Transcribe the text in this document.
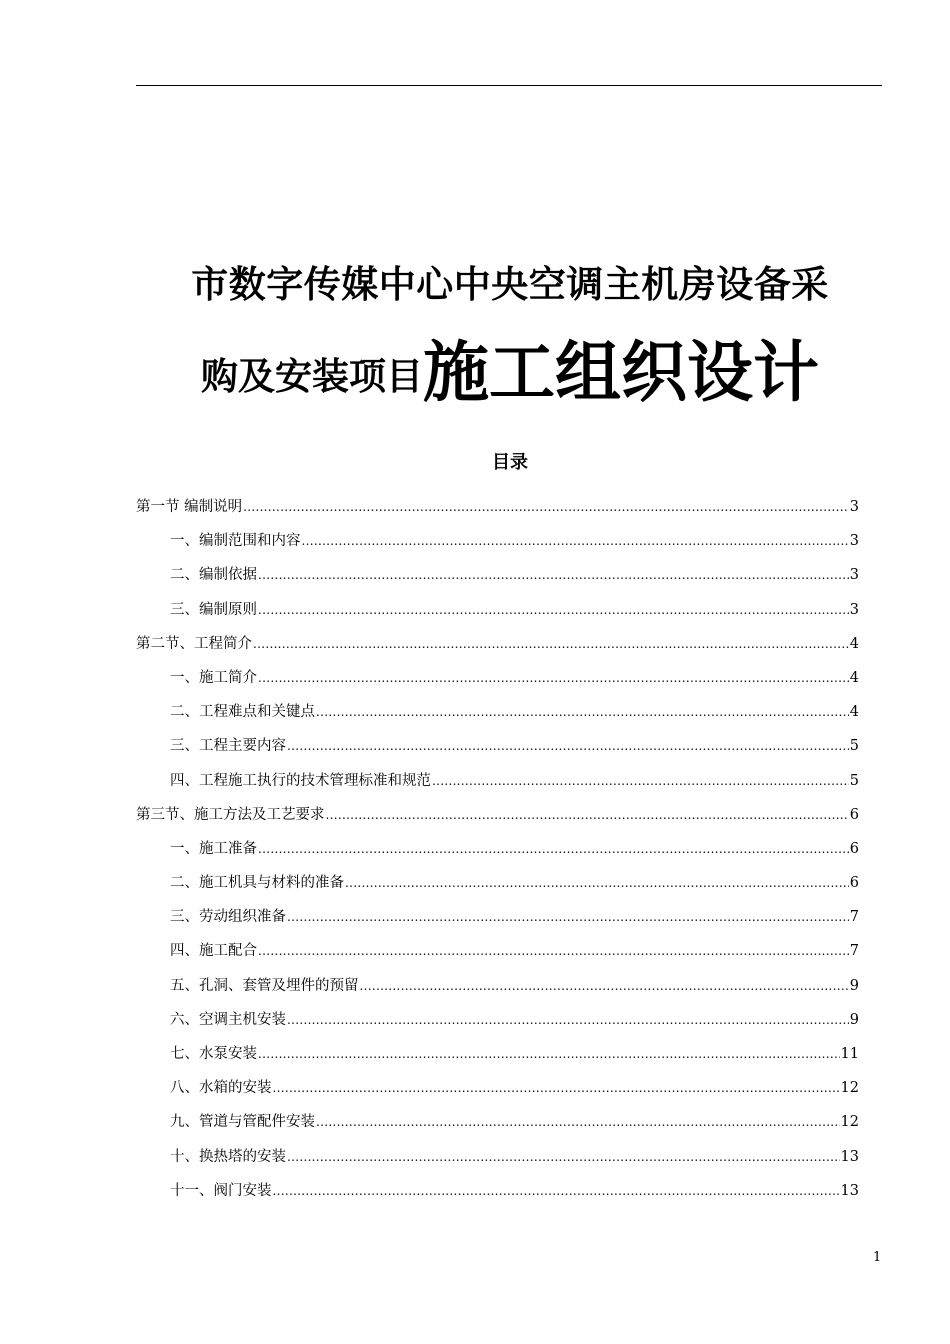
市数字传媒中心中央空调主机房设备采
购及安装项目施工组织设计
目录
第一节 编制说明 .....	3
一、编制范围和内容 .....	3
二、编制依据 .....	3
三、编制原则 .....	3
第二节、工程简介 .....	4
一、施工简介 .....	4
二、工程难点和关键点 .....	4
三、工程主要内容 .....	5
四、工程施工执行的技术管理标准和规范 .....	5
第三节、施工方法及工艺要求 .....	6
一、施工准备 .....	6
二、施工机具与材料的准备 .....	6
三、劳动组织准备 .....	7
四、施工配合 .....	7
五、孔洞、套管及埋件的预留 .....	9
六、空调主机安装 .....	9
七、水泵安装 .....	11
八、水箱的安装 .....	12
九、管道与管配件安装 .....	12
十、换热塔的安装 .....	13
十一、阀门安装 .....	13
1
